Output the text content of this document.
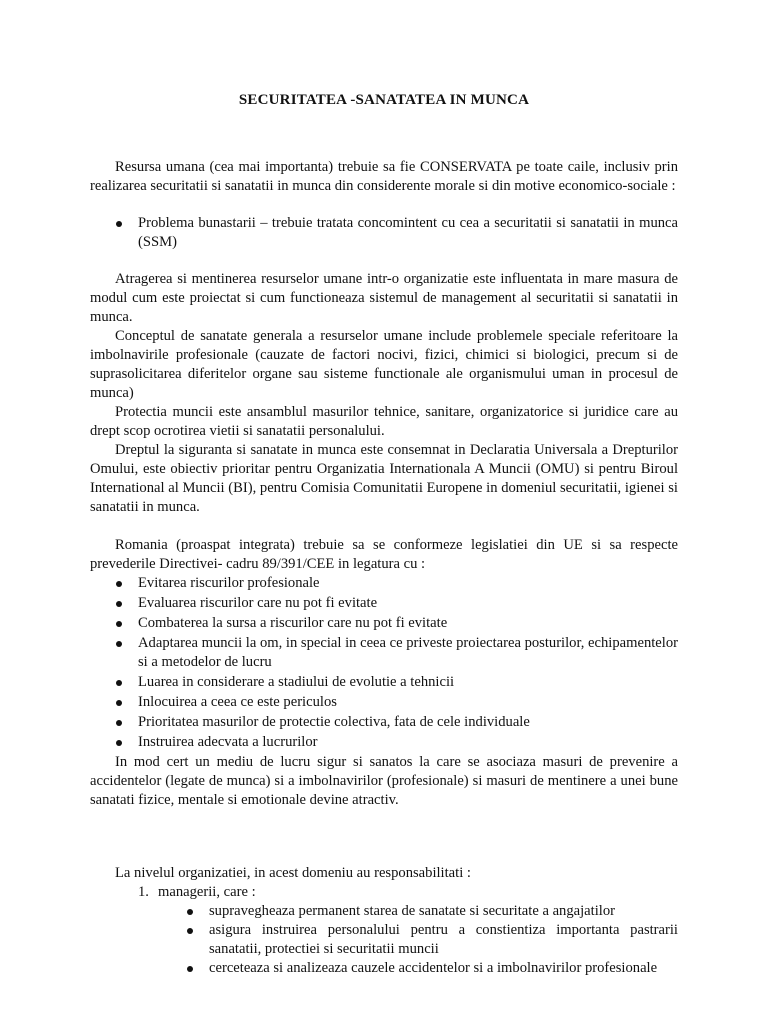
SECURITATEA -SANATATEA IN MUNCA

Resursa umana (cea mai importanta) trebuie sa fie CONSERVATA pe toate caile, inclusiv prin realizarea securitatii si sanatatii in munca din considerente morale si din motive economico-sociale :

Problema bunastarii – trebuie tratata concomintent cu cea a securitatii si sanatatii in munca (SSM)

Atragerea si mentinerea resurselor umane intr-o organizatie este influentata in mare masura de modul cum este proiectat si cum functioneaza sistemul de management al securitatii si sanatatii in munca.

Conceptul de sanatate generala a resurselor umane include problemele speciale referitoare la imbolnavirile profesionale (cauzate de factori nocivi, fizici, chimici si biologici, precum si de suprasolicitarea diferitelor organe sau sisteme functionale ale organismului uman in procesul de munca)

Protectia muncii este ansamblul masurilor tehnice, sanitare, organizatorice si juridice care au drept scop ocrotirea vietii si sanatatii personalului.

Dreptul la siguranta si sanatate in munca este consemnat in Declaratia Universala a Drepturilor Omului, este obiectiv prioritar pentru Organizatia Internationala A Muncii (OMU) si pentru Biroul International al Muncii (BI), pentru Comisia Comunitatii Europene in domeniul securitatii, igienei si sanatatii in munca.

Romania (proaspat integrata) trebuie sa se conformeze legislatiei din UE si sa respecte prevederile Directivei- cadru 89/391/CEE in legatura cu :

Evitarea riscurilor profesionale
Evaluarea riscurilor care nu pot fi evitate
Combaterea la sursa a riscurilor care nu pot fi evitate
Adaptarea muncii la om, in special in ceea ce priveste proiectarea posturilor, echipamentelor si a metodelor de lucru
Luarea in considerare a stadiului de evolutie a tehnicii
Inlocuirea a ceea ce este periculos
Prioritatea masurilor de protectie colectiva, fata de cele individuale
Instruirea adecvata a lucrurilor

In mod cert un mediu de lucru sigur si sanatos la care se asociaza masuri de prevenire a accidentelor (legate de munca) si a imbolnavirilor (profesionale) si masuri de mentinere a unei bune sanatati fizice, mentale si emotionale devine atractiv.

La nivelul organizatiei, in acest domeniu au responsabilitati :

1. managerii, care :
supravegheaza permanent starea de sanatate si securitate a angajatilor
asigura instruirea personalului pentru a constientiza importanta pastrarii sanatatii, protectiei si securitatii muncii
cerceteaza si analizeaza cauzele accidentelor si a imbolnavirilor profesionale
